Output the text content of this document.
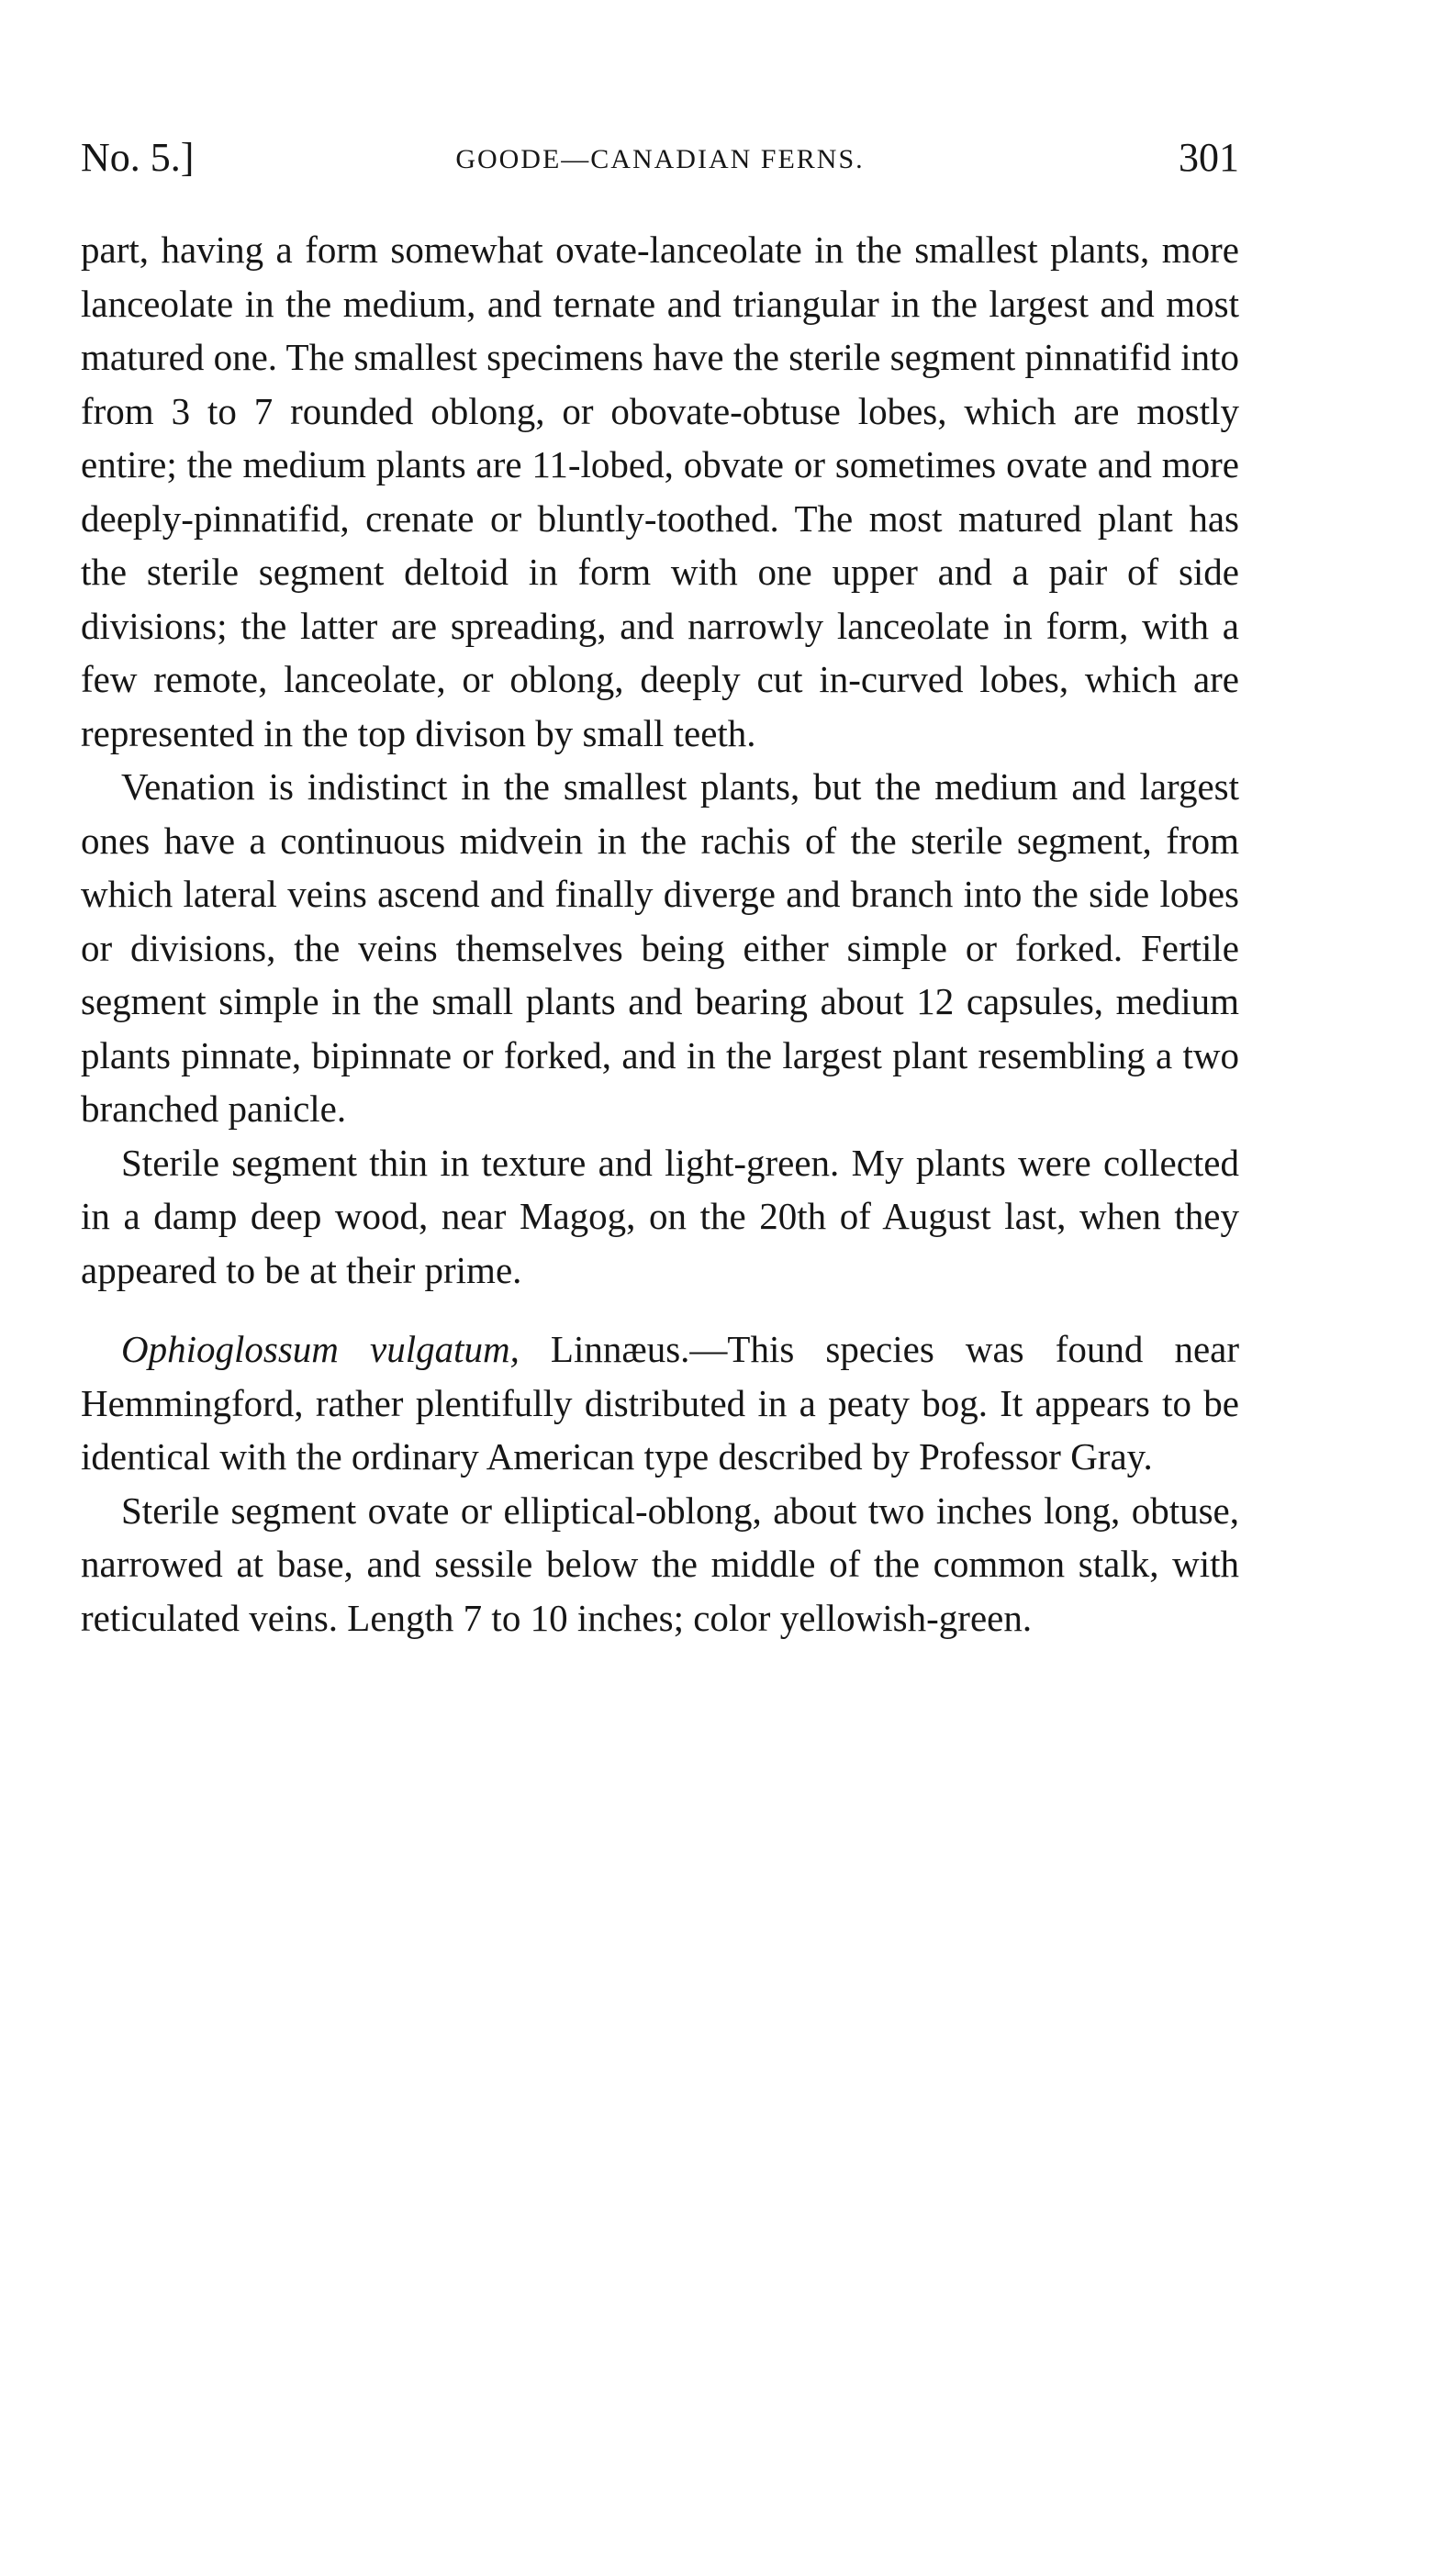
No. 5.]	GOODE—CANADIAN FERNS.	301

part, having a form somewhat ovate-lanceolate in the smallest plants, more lanceolate in the medium, and ternate and triangular in the largest and most matured one. The smallest specimens have the sterile segment pinnatifid into from 3 to 7 rounded oblong, or obovate-obtuse lobes, which are mostly entire; the medium plants are 11-lobed, obvate or sometimes ovate and more deeply-pinnatifid, crenate or bluntly-toothed. The most matured plant has the sterile segment deltoid in form with one upper and a pair of side divisions; the latter are spreading, and narrowly lanceolate in form, with a few remote, lanceolate, or oblong, deeply cut in-curved lobes, which are represented in the top divison by small teeth.

Venation is indistinct in the smallest plants, but the medium and largest ones have a continuous midvein in the rachis of the sterile segment, from which lateral veins ascend and finally diverge and branch into the side lobes or divisions, the veins themselves being either simple or forked. Fertile segment simple in the small plants and bearing about 12 capsules, medium plants pinnate, bipinnate or forked, and in the largest plant resembling a two branched panicle.

Sterile segment thin in texture and light-green. My plants were collected in a damp deep wood, near Magog, on the 20th of August last, when they appeared to be at their prime.

Ophioglossum vulgatum, Linnæus.—This species was found near Hemmingford, rather plentifully distributed in a peaty bog. It appears to be identical with the ordinary American type described by Professor Gray.

Sterile segment ovate or elliptical-oblong, about two inches long, obtuse, narrowed at base, and sessile below the middle of the common stalk, with reticulated veins. Length 7 to 10 inches; color yellowish-green.
